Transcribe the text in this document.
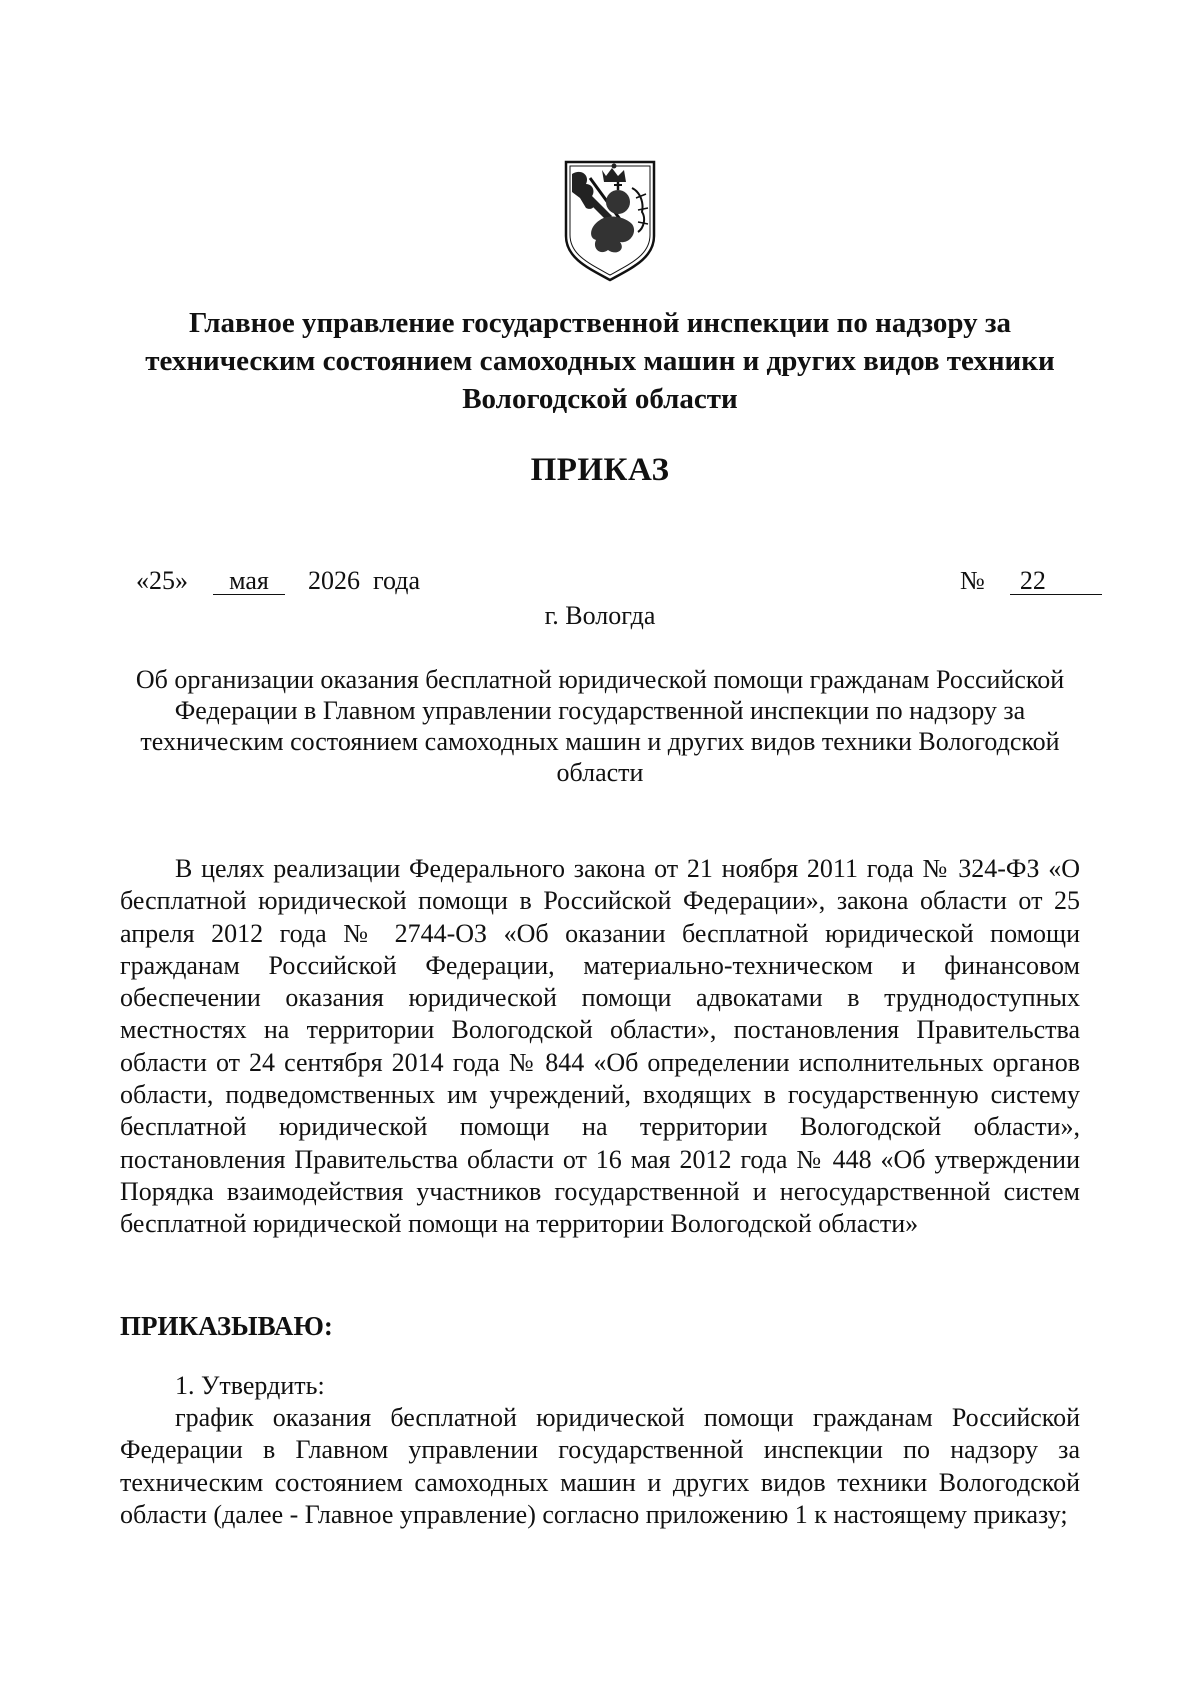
Главное управление государственной инспекции по надзору за техническим состоянием самоходных машин и других видов техники Вологодской области
ПРИКАЗ
«25» мая 2026  года	№ 22
г. Вологда
Об организации оказания бесплатной юридической помощи гражданам Российской Федерации в Главном управлении государственной инспекции по надзору за техническим состоянием самоходных машин и других видов техники Вологодской области
В целях реализации Федерального закона от 21 ноября 2011 года № 324-ФЗ «О бесплатной юридической помощи в Российской Федерации», закона области от 25 апреля 2012 года № 2744-ОЗ «Об оказании бесплатной юридической помощи гражданам Российской Федерации, материально-техническом и финансовом обеспечении оказания юридической помощи адвокатами в труднодоступных местностях на территории Вологодской области», постановления Правительства области от 24 сентября 2014 года № 844 «Об определении исполнительных органов области, подведомственных им учреждений, входящих в государственную систему бесплатной юридической помощи на территории Вологодской области», постановления Правительства области от 16 мая 2012 года № 448 «Об утверждении Порядка взаимодействия участников государственной и негосударственной систем бесплатной юридической помощи на территории Вологодской области»
ПРИКАЗЫВАЮ:
1. Утвердить:
график оказания бесплатной юридической помощи гражданам Российской Федерации в Главном управлении государственной инспекции по надзору за техническим состоянием самоходных машин и других видов техники Вологодской области (далее - Главное управление) согласно приложению 1 к настоящему приказу;
